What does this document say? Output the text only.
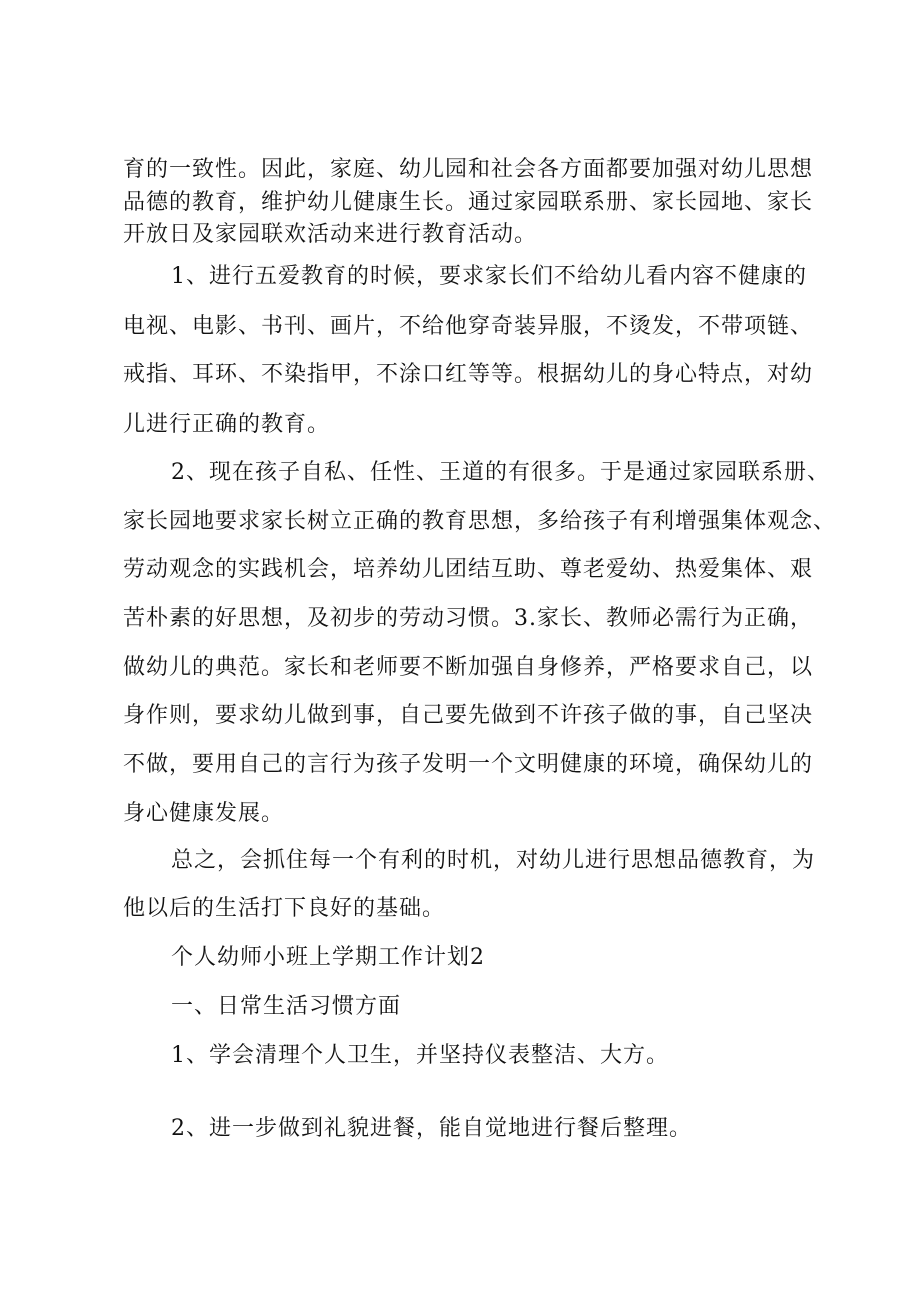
育的一致性。因此，家庭、幼儿园和社会各方面都要加强对幼儿思想
品德的教育，维护幼儿健康生长。通过家园联系册、家长园地、家长
开放日及家园联欢活动来进行教育活动。
1、进行五爱教育的时候，要求家长们不给幼儿看内容不健康的
电视、电影、书刊、画片，不给他穿奇装异服，不烫发，不带项链、
戒指、耳环、不染指甲，不涂口红等等。根据幼儿的身心特点，对幼
儿进行正确的教育。
2、现在孩子自私、任性、王道的有很多。于是通过家园联系册、
家长园地要求家长树立正确的教育思想，多给孩子有利增强集体观念、
劳动观念的实践机会，培养幼儿团结互助、尊老爱幼、热爱集体、艰
苦朴素的好思想，及初步的劳动习惯。3.家长、教师必需行为正确，
做幼儿的典范。家长和老师要不断加强自身修养，严格要求自己，以
身作则，要求幼儿做到事，自己要先做到不许孩子做的事，自己坚决
不做，要用自己的言行为孩子发明一个文明健康的环境，确保幼儿的
身心健康发展。
总之，会抓住每一个有利的时机，对幼儿进行思想品德教育，为
他以后的生活打下良好的基础。
个人幼师小班上学期工作计划2
一、日常生活习惯方面
1、学会清理个人卫生，并坚持仪表整洁、大方。
2、进一步做到礼貌进餐，能自觉地进行餐后整理。
